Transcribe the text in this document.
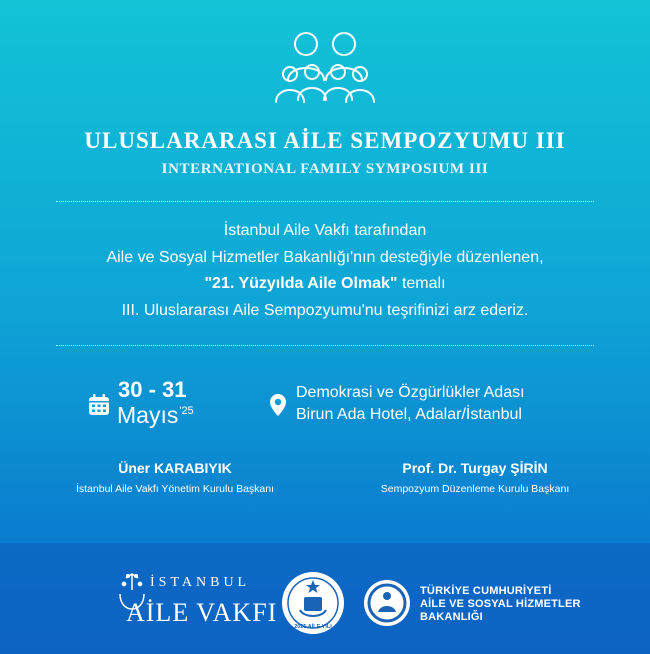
ULUSLARARASI AİLE SEMPOZYUMU III
INTERNATIONAL FAMILY SYMPOSIUM III
İstanbul Aile Vakfı tarafından
Aile ve Sosyal Hizmetler Bakanlığı'nın desteğiyle düzenlenen,
"21. Yüzyılda Aile Olmak" temalı
III. Uluslararası Aile Sempozyumu'nu teşrifinizi arz ederiz.
30 - 31
Mayıs$^{'25}$
Demokrasi ve Özgürlükler Adası
Birun Ada Hotel, Adalar/İstanbul
Üner KARABIYIK
İstanbul Aile Vakfı Yönetim Kurulu Başkanı
Prof. Dr. Turgay ŞİRİN
Sempozyum Düzenleme Kurulu Başkanı
İSTANBUL
AİLE VAKFI	2025 AİLE YILI
TÜRKİYE CUMHURİYETİ
AİLE VE SOSYAL HİZMETLER
BAKANLIĞI
